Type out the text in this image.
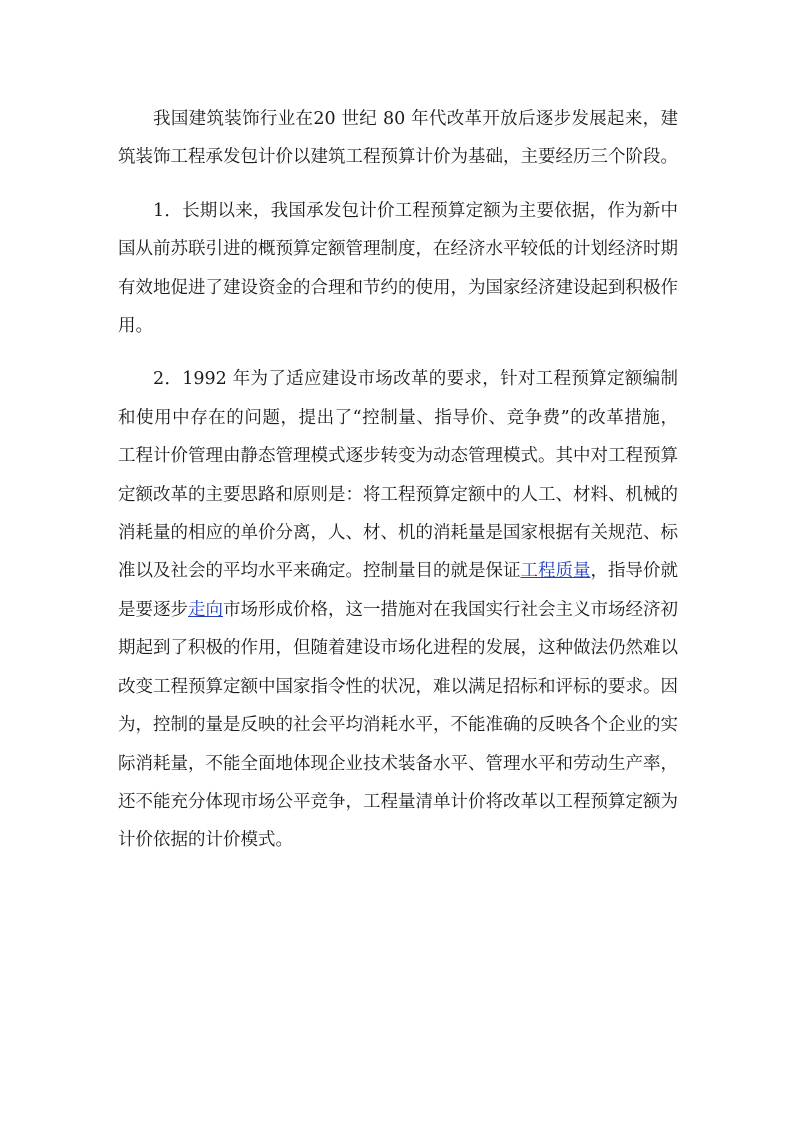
我国建筑装饰行业在20 世纪 80 年代改革开放后逐步发展起来，建筑装饰工程承发包计价以建筑工程预算计价为基础，主要经历三个阶段。

1．长期以来，我国承发包计价工程预算定额为主要依据，作为新中国从前苏联引进的概预算定额管理制度，在经济水平较低的计划经济时期有效地促进了建设资金的合理和节约的使用，为国家经济建设起到积极作用。

2．1992 年为了适应建设市场改革的要求，针对工程预算定额编制和使用中存在的问题，提出了“控制量、指导价、竞争费”的改革措施，工程计价管理由静态管理模式逐步转变为动态管理模式。其中对工程预算定额改革的主要思路和原则是：将工程预算定额中的人工、材料、机械的消耗量的相应的单价分离，人、材、机的消耗量是国家根据有关规范、标准以及社会的平均水平来确定。控制量目的就是保证工程质量，指导价就是要逐步走向市场形成价格，这一措施对在我国实行社会主义市场经济初期起到了积极的作用，但随着建设市场化进程的发展，这种做法仍然难以改变工程预算定额中国家指令性的状况，难以满足招标和评标的要求。因为，控制的量是反映的社会平均消耗水平，不能准确的反映各个企业的实际消耗量，不能全面地体现企业技术装备水平、管理水平和劳动生产率，还不能充分体现市场公平竞争，工程量清单计价将改革以工程预算定额为计价依据的计价模式。
